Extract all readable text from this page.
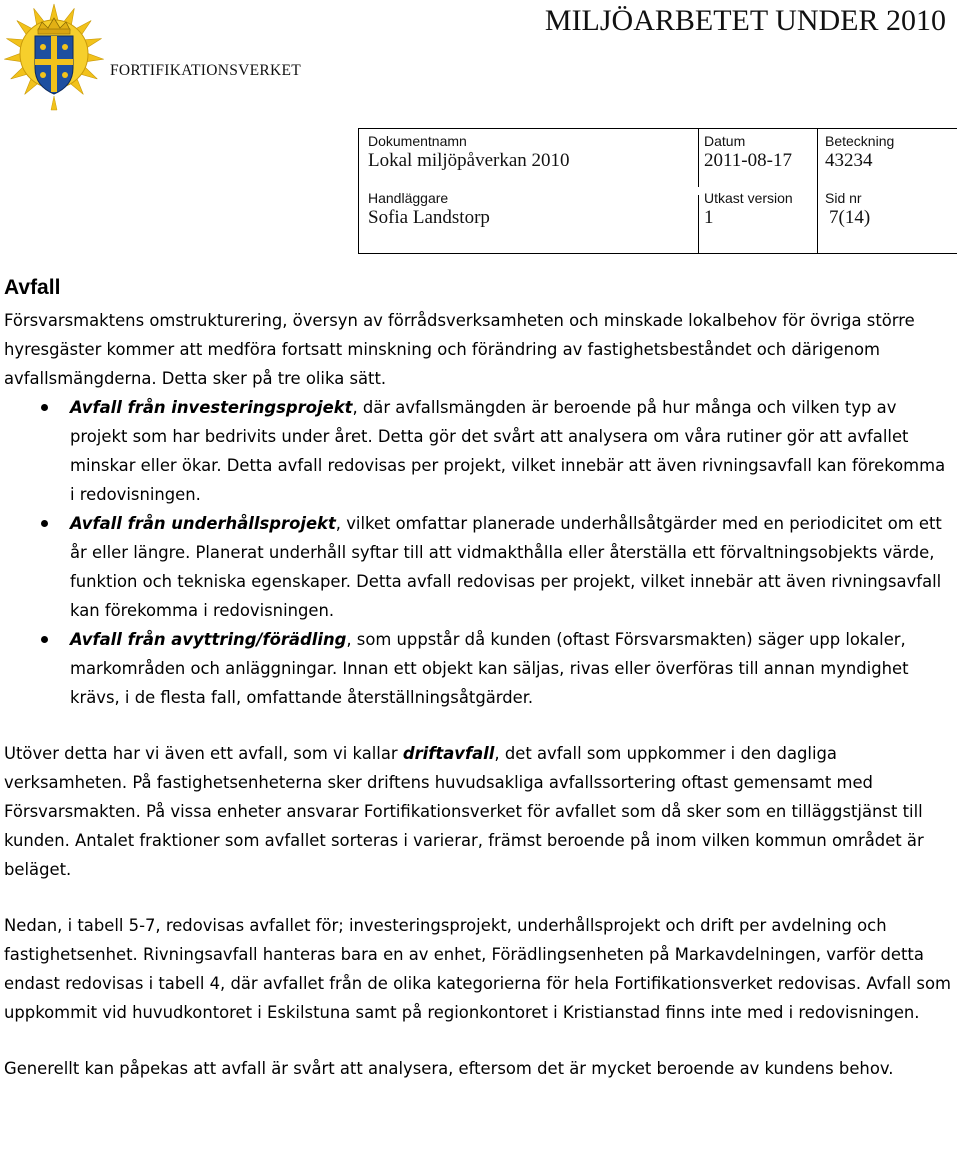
FORTIFIKATIONSVERKET
MILJÖARBETET UNDER 2010
Dokumentnamn
Lokal miljöpåverkan 2010
Datum
2011-08-17
Beteckning
43234
Handläggare
Sofia Landstorp
Utkast version
1
Sid nr
7(14)
Avfall

Försvarsmaktens omstrukturering, översyn av förrådsverksamheten och minskade lokalbehov för övriga större hyresgäster kommer att medföra fortsatt minskning och förändring av fastighetsbeståndet och därigenom avfallsmängderna. Detta sker på tre olika sätt.

Avfall från investeringsprojekt, där avfallsmängden är beroende på hur många och vilken typ av projekt som har bedrivits under året. Detta gör det svårt att analysera om våra rutiner gör att avfallet minskar eller ökar. Detta avfall redovisas per projekt, vilket innebär att även rivningsavfall kan förekomma i redovisningen.
Avfall från underhållsprojekt, vilket omfattar planerade underhållsåtgärder med en periodicitet om ett år eller längre. Planerat underhåll syftar till att vidmakthålla eller återställa ett förvaltningsobjekts värde, funktion och tekniska egenskaper. Detta avfall redovisas per projekt, vilket innebär att även rivningsavfall kan förekomma i redovisningen.
Avfall från avyttring/förädling, som uppstår då kunden (oftast Försvarsmakten) säger upp lokaler, markområden och anläggningar. Innan ett objekt kan säljas, rivas eller överföras till annan myndighet krävs, i de flesta fall, omfattande återställningsåtgärder.

Utöver detta har vi även ett avfall, som vi kallar driftavfall, det avfall som uppkommer i den dagliga verksamheten. På fastighetsenheterna sker driftens huvudsakliga avfallssortering oftast gemensamt med Försvarsmakten. På vissa enheter ansvarar Fortifikationsverket för avfallet som då sker som en tilläggstjänst till kunden. Antalet fraktioner som avfallet sorteras i varierar, främst beroende på inom vilken kommun området är beläget.

Nedan, i tabell 5-7, redovisas avfallet för; investeringsprojekt, underhållsprojekt och drift per avdelning och fastighetsenhet. Rivningsavfall hanteras bara en av enhet, Förädlingsenheten på Markavdelningen, varför detta endast redovisas i tabell 4, där avfallet från de olika kategorierna för hela Fortifikationsverket redovisas. Avfall som uppkommit vid huvudkontoret i Eskilstuna samt på regionkontoret i Kristianstad finns inte med i redovisningen.

Generellt kan påpekas att avfall är svårt att analysera, eftersom det är mycket beroende av kundens behov.
